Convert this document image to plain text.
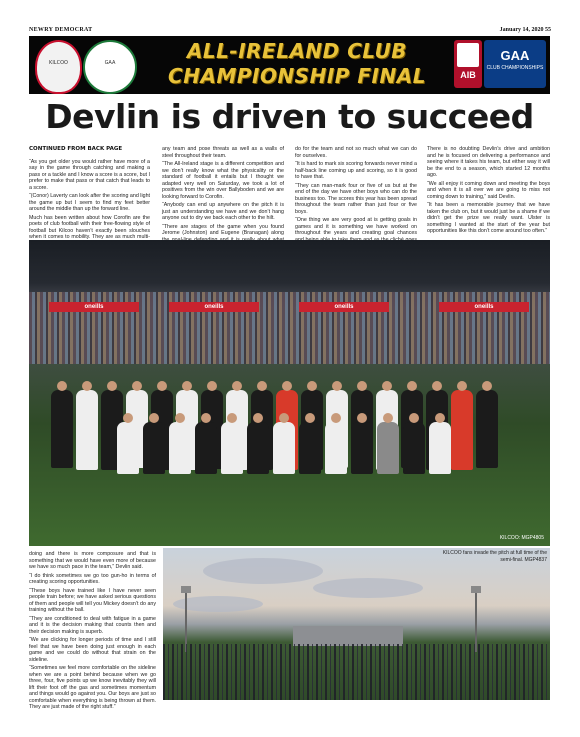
NEWRY DEMOCRAT	January 14, 2020 55
KILCOO	GAA	ALL-IRELAND CLUB
CHAMPIONSHIP FINAL	AIB
GAA
CLUB CHAMPIONSHIPS
Devlin is driven to succeed

CONTINUED FROM BACK PAGE

“As you get older you would rather have more of a say in the game through catching and making a pass or a tackle and I know a score is a score, but I prefer to make that pass or that catch that leads to a score.

“(Conor) Laverty can look after the scoring and light the game up but I seem to find my feet better around the middle than up the forward line.

Much has been written about how Corofin are the poets of club football with their free-flowing style of football but Kilcoo haven’t exactly been slouches when it comes to mobility. They are as much multi-

any team and pose threats as well as a walls of steel throughout their team.

“The All-Ireland stage is a different competition and we don’t really know what the physicality or the standard of football it entails but I thought we adapted very well on Saturday, we took a lot of positives from the win over Ballyboden and we are looking forward to Corofin.

“Anybody can end up anywhere on the pitch it is just an understanding we have and we don’t hang anyone out to dry we back each other to the hilt.

“There are stages of the game when you found Jerome (Johnston) and Eugene (Branagan) along

do for the team and not so much what we can do for ourselves.

“It is hard to mark six scoring forwards never mind a half-back line coming up and scoring, so it is good to have that.

“They can man-mark four or five of us but at the end of the day we have other boys who can do the business too. The scores this year has been spread throughout the team rather than just four or five boys.

“One thing we are very good at is getting goals in games and it is something we have worked on throughout the years and creating goal chances

There is no doubting Devlin’s drive and ambition and he is focused on delivering a performance and seeing where it takes his team, but either way it will be the end to a season, which started 12 months ago.

“We all enjoy it coming down and meeting the boys and when it is all over we are going to miss not coming down to training,” said Devlin.

“It has been a memorable journey that we have taken the club on, but it would just be a shame if we didn’t get the prize we really want. Ulster is something I wanted at the start of the year but opportunities like this don’t come around too often.”

oneills	oneills	oneills	oneills
KILCOO: MGP4805

doing and there is more composure and that is something that we would have even more of because we have so much pace in the team,” Devlin said.

“I do think sometimes we go too gun-ho in terms of creating scoring opportunities.

“These boys have trained like I have never seen people train before; we have asked serious questions of them and people will tell you Mickey doesn’t do any training without the ball.

“They are conditioned to deal with fatigue in a game and it is the decision making that counts then and their decision making is superb.

“We are clicking for longer periods of time and I still feel that we have been doing just enough in each game and we could do without that strain on the sideline.

“Sometimes we feel more comfortable on the sideline when we are a point behind because when we go three, four, five points up we know inevitably they will lift their foot off the gas and sometimes momentum and things would go against you. Our boys are just so comfortable when everything is being thrown at them. They are just made of the right stuff.”

KILCOO fans invade the pitch at full time of the semi-final. MGP4837
